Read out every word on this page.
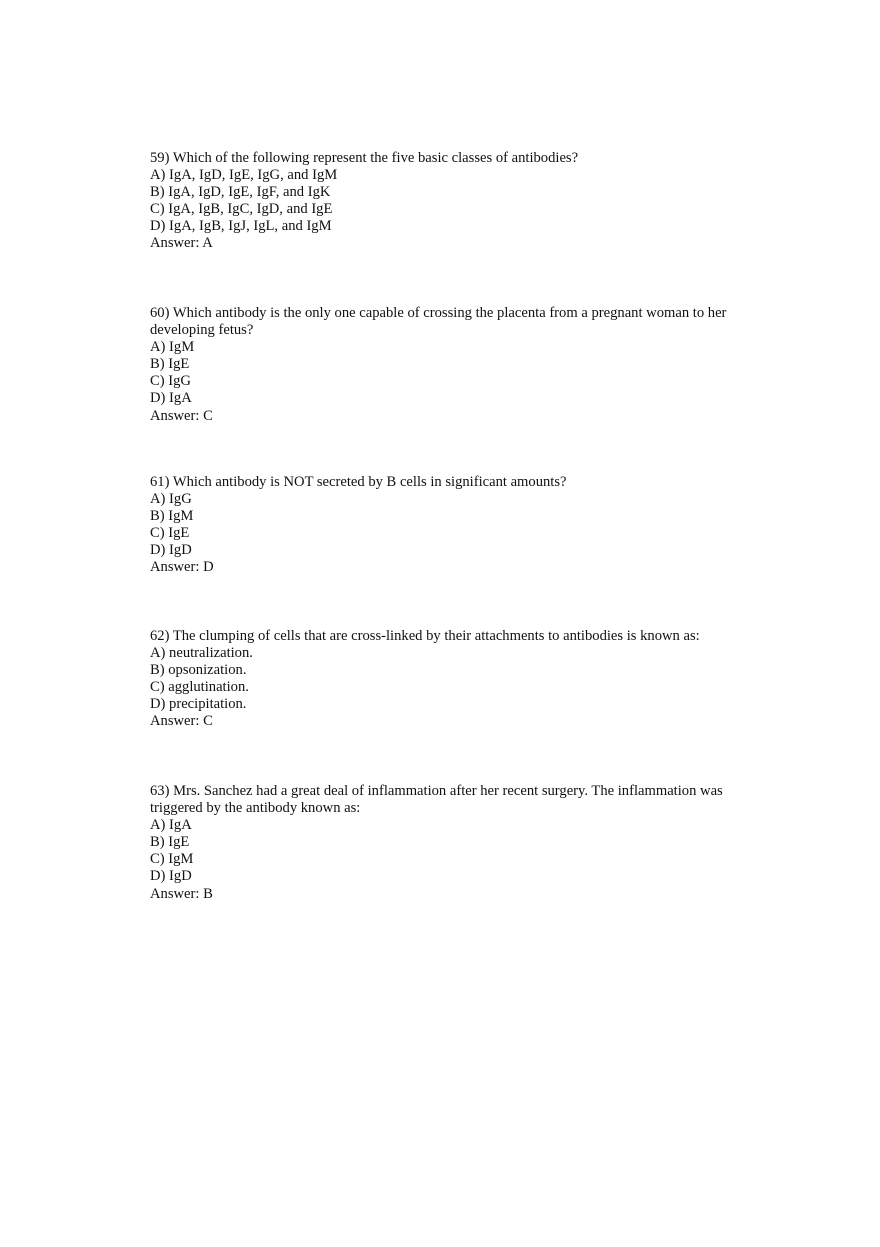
59) Which of the following represent the five basic classes of antibodies?
A) IgA, IgD, IgE, IgG, and IgM
B) IgA, IgD, IgE, IgF, and IgK
C) IgA, IgB, IgC, IgD, and IgE
D) IgA, IgB, IgJ, IgL, and IgM
Answer: A
60) Which antibody is the only one capable of crossing the placenta from a pregnant woman to her developing fetus?
A) IgM
B) IgE
C) IgG
D) IgA
Answer: C
61) Which antibody is NOT secreted by B cells in significant amounts?
A) IgG
B) IgM
C) IgE
D) IgD
Answer: D
62) The clumping of cells that are cross-linked by their attachments to antibodies is known as:
A) neutralization.
B) opsonization.
C) agglutination.
D) precipitation.
Answer: C
63) Mrs. Sanchez had a great deal of inflammation after her recent surgery. The inflammation was triggered by the antibody known as:
A) IgA
B) IgE
C) IgM
D) IgD
Answer: B
